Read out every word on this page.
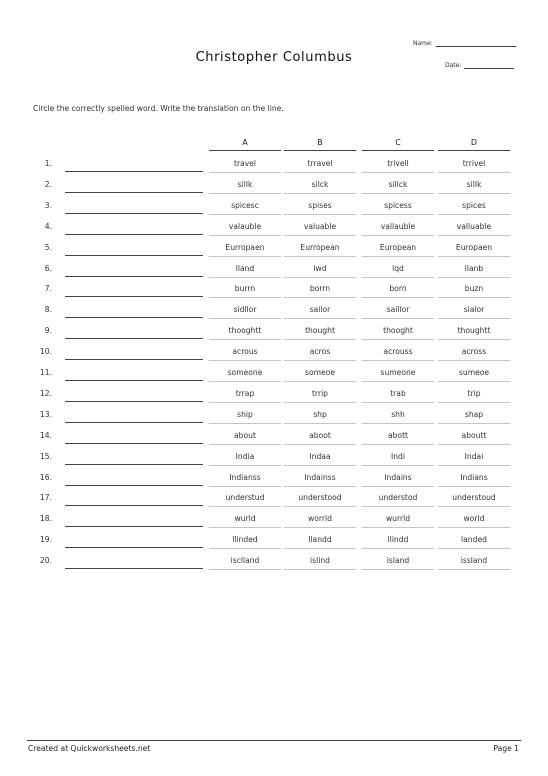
Name:
Christopher Columbus
Date:
Circle the correctly spelled word. Write the translation on the line.
A	B	C	D
1.	travel	trravel	trivell	trrivel
2.	sillk	silck	sillck	sillk
3.	spicesc	spises	spicess	spices
4.	valauble	valuable	vallauble	valluable
5.	Eurropaen	Eurropean	European	Europaen
6.	lland	lwd	lqd	llanb
7.	burrn	borrn	born	buzn
8.	sidllor	sailor	saillor	sialor
9.	thooghtt	thought	thooght	thoughtt
10.	acrous	acros	acrouss	across
11.	someone	someoe	sumeone	sumeoe
12.	trrap	trrip	trab	trip
13.	ship	shp	shh	shap
14.	about	aboot	abott	aboutt
15.	India	Indaa	Indi	Indai
16.	Indianss	Indainss	Indains	Indians
17.	understud	understood	understod	understoud
18.	wurld	worrld	wurrld	world
19.	llinded	llandd	llindd	landed
20.	isclland	islind	island	issland
Created at Quickworksheets.net	Page 1
